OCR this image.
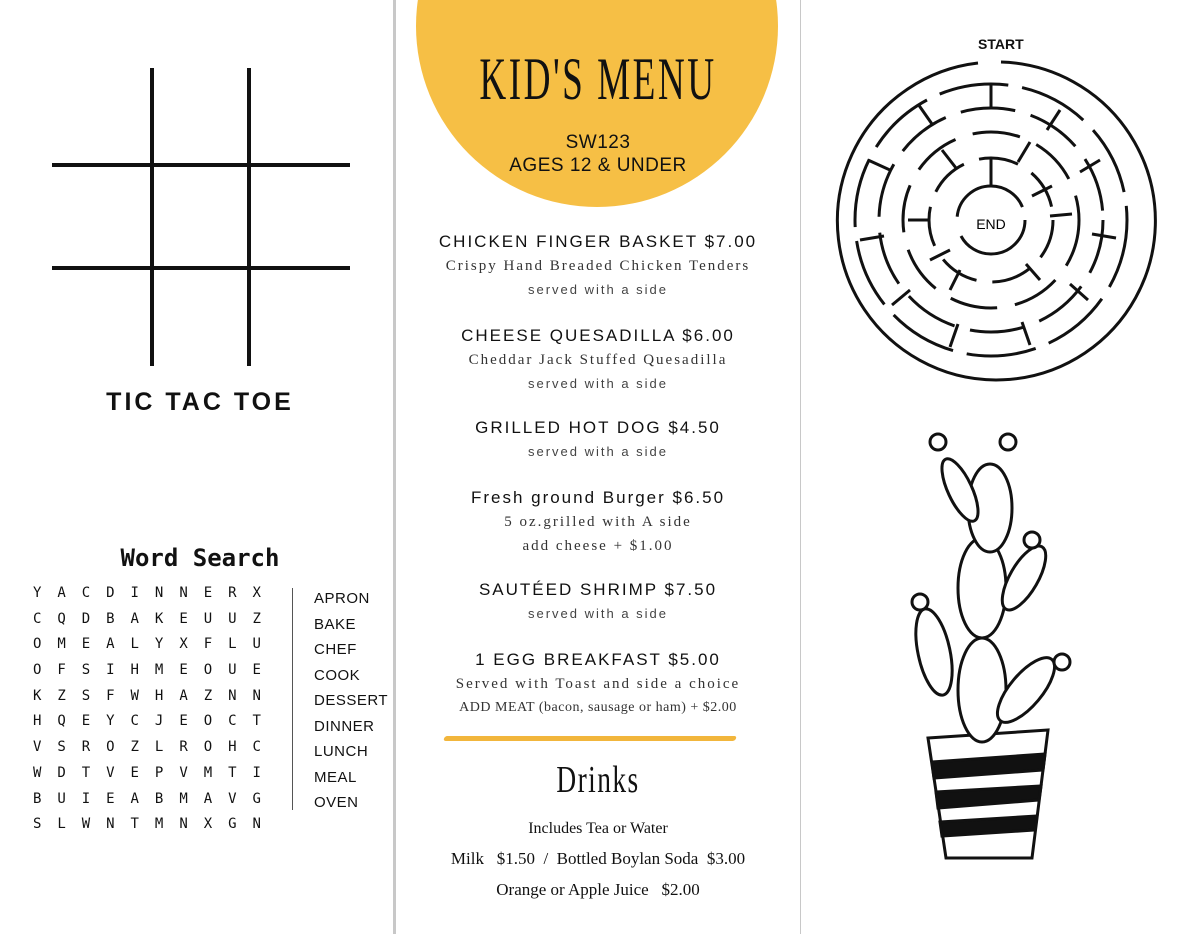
TIC TAC TOE
Word Search
Y	A	C	D	I	N	N	E	R	X
C	Q	D	B	A	K	E	U	U	Z
O	M	E	A	L	Y	X	F	L	U
O	F	S	I	H	M	E	O	U	E
K	Z	S	F	W	H	A	Z	N	N
H	Q	E	Y	C	J	E	O	C	T
V	S	R	O	Z	L	R	O	H	C
W	D	T	V	E	P	V	M	T	I
B	U	I	E	A	B	M	A	V	G
S	L	W	N	T	M	N	X	G	N
APRON
BAKE
CHEF
COOK
DESSERT
DINNER
LUNCH
MEAL
OVEN
KID'S MENU
SW123
AGES 12 & UNDER
CHICKEN FINGER BASKET $7.00
Crispy Hand Breaded Chicken Tenders
served with a side
CHEESE QUESADILLA $6.00
Cheddar Jack Stuffed Quesadilla
served with a side
GRILLED HOT DOG $4.50
served with a side
Fresh ground Burger $6.50
5 oz.grilled with A side
add cheese + $1.00
SAUTÉED SHRIMP $7.50
served with a side
1 EGG BREAKFAST $5.00
Served with Toast and side a choice
ADD MEAT (bacon, sausage or ham) + $2.00
Drinks
Includes Tea or Water
Milk   $1.50  /  Bottled Boylan Soda  $3.00
Orange or Apple Juice   $2.00
START
END
